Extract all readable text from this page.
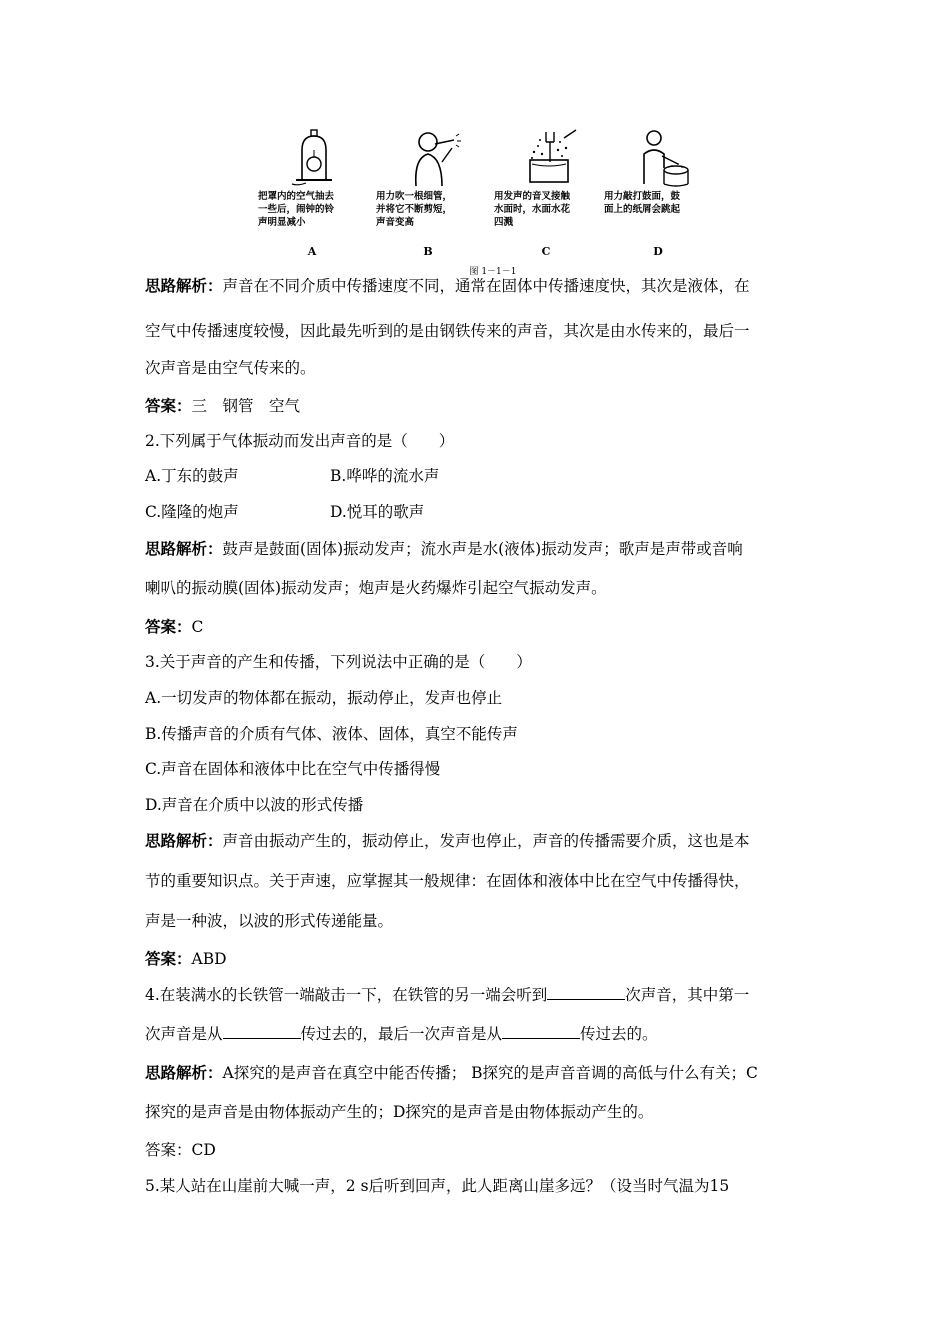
把罩内的空气抽去
一些后，闹钟的铃
声明显减小
A
用力吹一根细管，
并将它不断剪短，
声音变高
B
用发声的音叉接触
水面时，水面水花
四溅
C
用力敲打鼓面，鼓
面上的纸屑会跳起
D
图 1－1－1
思路解析：声音在不同介质中传播速度不同，通常在固体中传播速度快，其次是液体，在
空气中传播速度较慢，因此最先听到的是由钢铁传来的声音，其次是由水传来的，最后一
次声音是由空气传来的。
答案：三　钢管　空气
2.下列属于气体振动而发出声音的是（　　）
A.丁东的鼓声	B.哗哗的流水声
C.隆隆的炮声	D.悦耳的歌声
思路解析：鼓声是鼓面(固体)振动发声；流水声是水(液体)振动发声；歌声是声带或音响
喇叭的振动膜(固体)振动发声；炮声是火药爆炸引起空气振动发声。
答案：C
3.关于声音的产生和传播，下列说法中正确的是（　　）
A.一切发声的物体都在振动，振动停止，发声也停止
B.传播声音的介质有气体、液体、固体，真空不能传声
C.声音在固体和液体中比在空气中传播得慢
D.声音在介质中以波的形式传播
思路解析：声音由振动产生的，振动停止，发声也停止，声音的传播需要介质，这也是本
节的重要知识点。关于声速，应掌握其一般规律：在固体和液体中比在空气中传播得快，
声是一种波，以波的形式传递能量。
答案：ABD
4.在装满水的长铁管一端敲击一下，在铁管的另一端会听到	次声音，其中第一
次声音是从	传过去的，最后一次声音是从	传过去的。
思路解析：A探究的是声音在真空中能否传播； B探究的是声音音调的高低与什么有关；C
探究的是声音是由物体振动产生的；D探究的是声音是由物体振动产生的。
答案：CD
5.某人站在山崖前大喊一声，2 s后听到回声，此人距离山崖多远？（设当时气温为15
